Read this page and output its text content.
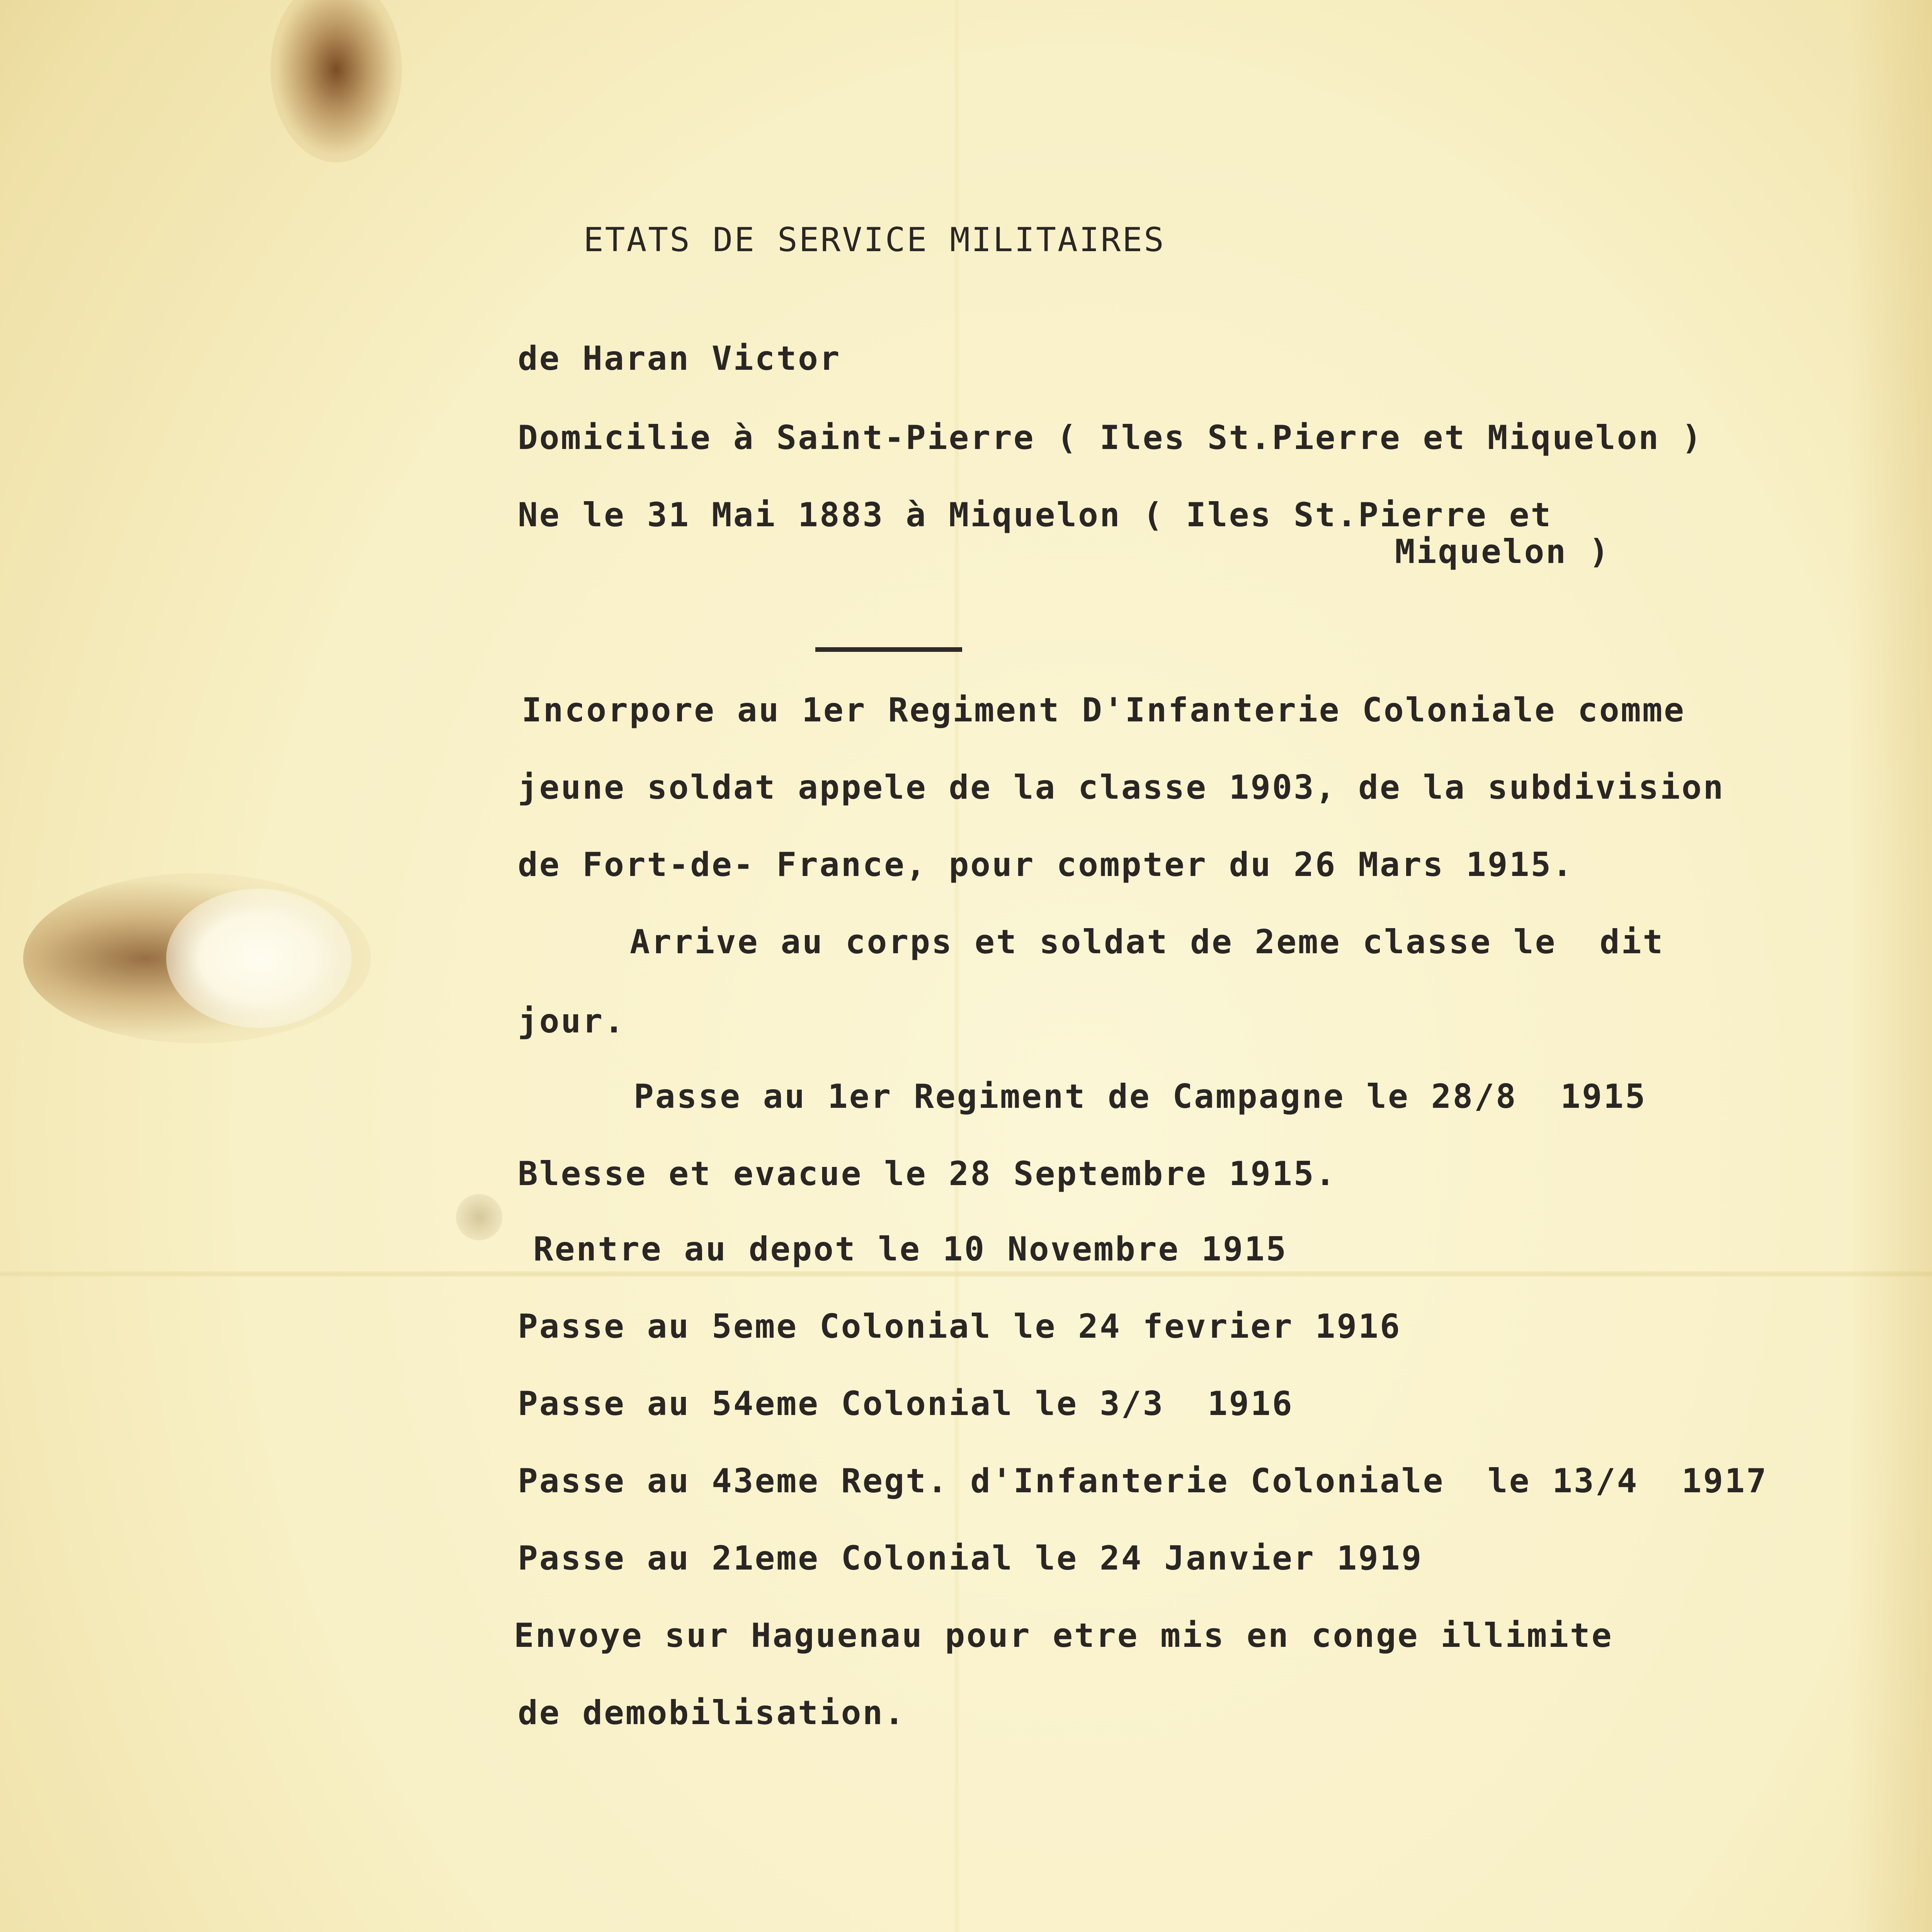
ETATS DE SERVICE MILITAIRES
de Haran Victor
Domicilie à Saint-Pierre ( Iles St.Pierre et Miquelon )
Ne le 31 Mai 1883 à Miquelon ( Iles St.Pierre et
Miquelon )
Incorpore au 1er Regiment D'Infanterie Coloniale comme
jeune soldat appele de la classe 1903, de la subdivision
de Fort-de- France, pour compter du 26 Mars 1915.
Arrive au corps et soldat de 2eme classe le  dit
jour.
Passe au 1er Regiment de Campagne le 28/8  1915
Blesse et evacue le 28 Septembre 1915.
Rentre au depot le 10 Novembre 1915
Passe au 5eme Colonial le 24 fevrier 1916
Passe au 54eme Colonial le 3/3  1916
Passe au 43eme Regt. d'Infanterie Coloniale  le 13/4  1917
Passe au 21eme Colonial le 24 Janvier 1919
Envoye sur Haguenau pour etre mis en conge illimite
de demobilisation.
